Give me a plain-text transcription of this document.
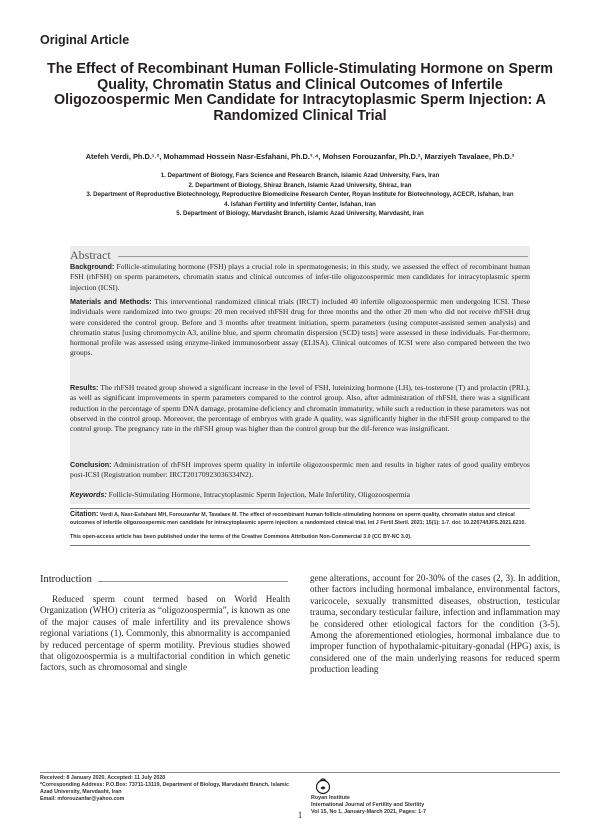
Original Article
The Effect of Recombinant Human Follicle-Stimulating Hormone on Sperm Quality, Chromatin Status and Clinical Outcomes of Infertile Oligozoospermic Men Candidate for Intracytoplasmic Sperm Injection: A Randomized Clinical Trial
Atefeh Verdi, Ph.D.¹˒², Mohammad Hossein Nasr-Esfahani, Ph.D.³˒⁴, Mohsen Forouzanfar, Ph.D.², Marziyeh Tavalaee, Ph.D.³
1. Department of Biology, Fars Science and Research Branch, Islamic Azad University, Fars, Iran
2. Department of Biology, Shiraz Branch, Islamic Azad University, Shiraz, Iran
3. Department of Reproductive Biotechnology, Reproductive Biomedicine Research Center, Royan Institute for Biotechnology, ACECR, Isfahan, Iran
4. Isfahan Fertility and Infertility Center, Isfahan, Iran
5. Department of Biology, Marvdasht Branch, Islamic Azad University, Marvdasht, Iran
Abstract
Background: Follicle-stimulating hormone (FSH) plays a crucial role in spermatogenesis; in this study, we assessed the effect of recombinant human FSH (rhFSH) on sperm parameters, chromatin status and clinical outcomes of infer-tile oligozoospermic men candidates for intracytoplasmic sperm injection (ICSI).
Materials and Methods: This interventional randomized clinical trials (IRCT) included 40 infertile oligozoospermic men undergoing ICSI. These individuals were randomized into two groups: 20 men received rhFSH drug for three months and the other 20 men who did not receive rhFSH drug were considered the control group. Before and 3 months after treatment initiation, sperm parameters (using computer-assisted semen analysis) and chromatin status [using chromomycin A3, aniline blue, and sperm chromatin dispersion (SCD) tests] were assessed in these individuals. Fur-thermore, hormonal profile was assessed using enzyme-linked immunosorbent assay (ELISA). Clinical outcomes of ICSI were also compared between the two groups.
Results: The rhFSH treated group showed a significant increase in the level of FSH, luteinizing hormone (LH), tes-tosterone (T) and prolactin (PRL), as well as significant improvements in sperm parameters compared to the control group. Also, after administration of rhFSH, there was a significant reduction in the percentage of sperm DNA damage, protamine deficiency and chromatin immaturity, while such a reduction in these parameters was not observed in the control group. Moreover, the percentage of embryos with grade A quality, was significantly higher in the rhFSH group compared to the control group. The pregnancy rate in the rhFSH group was higher than the control group but the dif-ference was insignificant.
Conclusion: Administration of rhFSH improves sperm quality in infertile oligozoospermic men and results in higher rates of good quality embryos post-ICSI (Registration number: IRCT20170923036334N2).
Keywords: Follicle-Stimulating Hormone, Intracytoplasmic Sperm Injection, Male Infertility, Oligozoospermia
Citation: Verdi A, Nasr-Esfahani MH, Forouzanfar M, Tavalaee M. The effect of recombinant human follicle-stimulating hormone on sperm quality, chromatin status and clinical outcomes of infertile oligozoospermic men candidate for intracytoplasmic sperm injection: a randomized clinical trial. Int J Fertil Steril. 2021; 15(1): 1-7. doi: 10.22074/IJFS.2021.6210.
This open-access article has been published under the terms of the Creative Commons Attribution Non-Commercial 3.0 (CC BY-NC 3.0).
Introduction
Reduced sperm count termed based on World Health Organization (WHO) criteria as “oligozoospermia”, is known as one of the major causes of male infertility and its prevalence shows regional variations (1). Commonly, this abnormality is accompanied by reduced percentage of sperm motility. Previous studies showed that oligozoospermia is a multifactorial condition in which genetic factors, such as chromosomal and single
gene alterations, account for 20-30% of the cases (2, 3). In addition, other factors including hormonal imbalance, environmental factors, varicocele, sexually transmitted diseases, obstruction, testicular trauma, secondary testicular failure, infection and inflammation may be considered other etiological factors for the condition (3-5). Among the aforementioned etiologies, hormonal imbalance due to improper function of hypothalamic-pituitary-gonadal (HPG) axis, is considered one of the main underlying reasons for reduced sperm production leading
Received: 8 January 2020, Accepted: 11 July 2020
*Corresponding Address: P.O.Box: 73711-13119, Department of Biology, Marvdasht Branch, Islamic Azad University, Marvdasht, Iran
Email: mforouzanfar@yahoo.com	Royan Institute
International Journal of Fertility and Sterility
Vol 15, No 1, January-March 2021, Pages: 1-7
1
